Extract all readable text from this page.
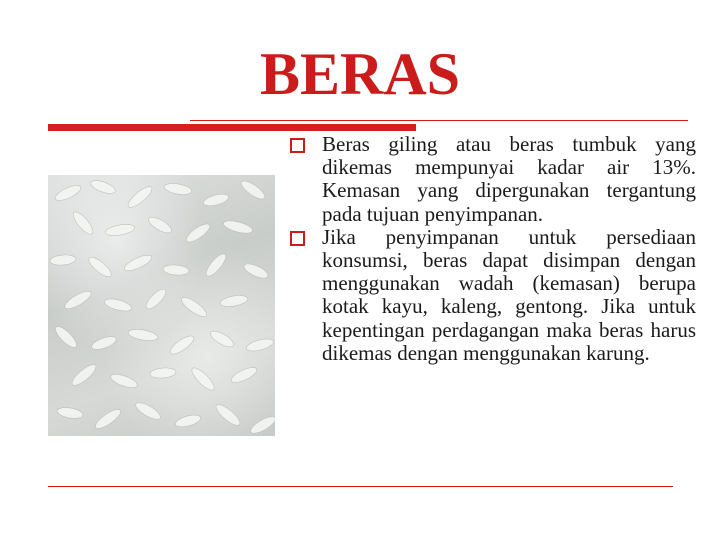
BERAS
Beras giling atau beras tumbuk yang dikemas mempunyai kadar air 13%. Kemasan yang dipergunakan tergantung pada tujuan penyimpanan.
Jika penyimpanan untuk persediaan konsumsi, beras dapat disimpan dengan menggunakan wadah (kemasan) berupa kotak kayu, kaleng, gentong. Jika untuk kepentingan perdagangan maka beras harus dikemas dengan menggunakan karung.
